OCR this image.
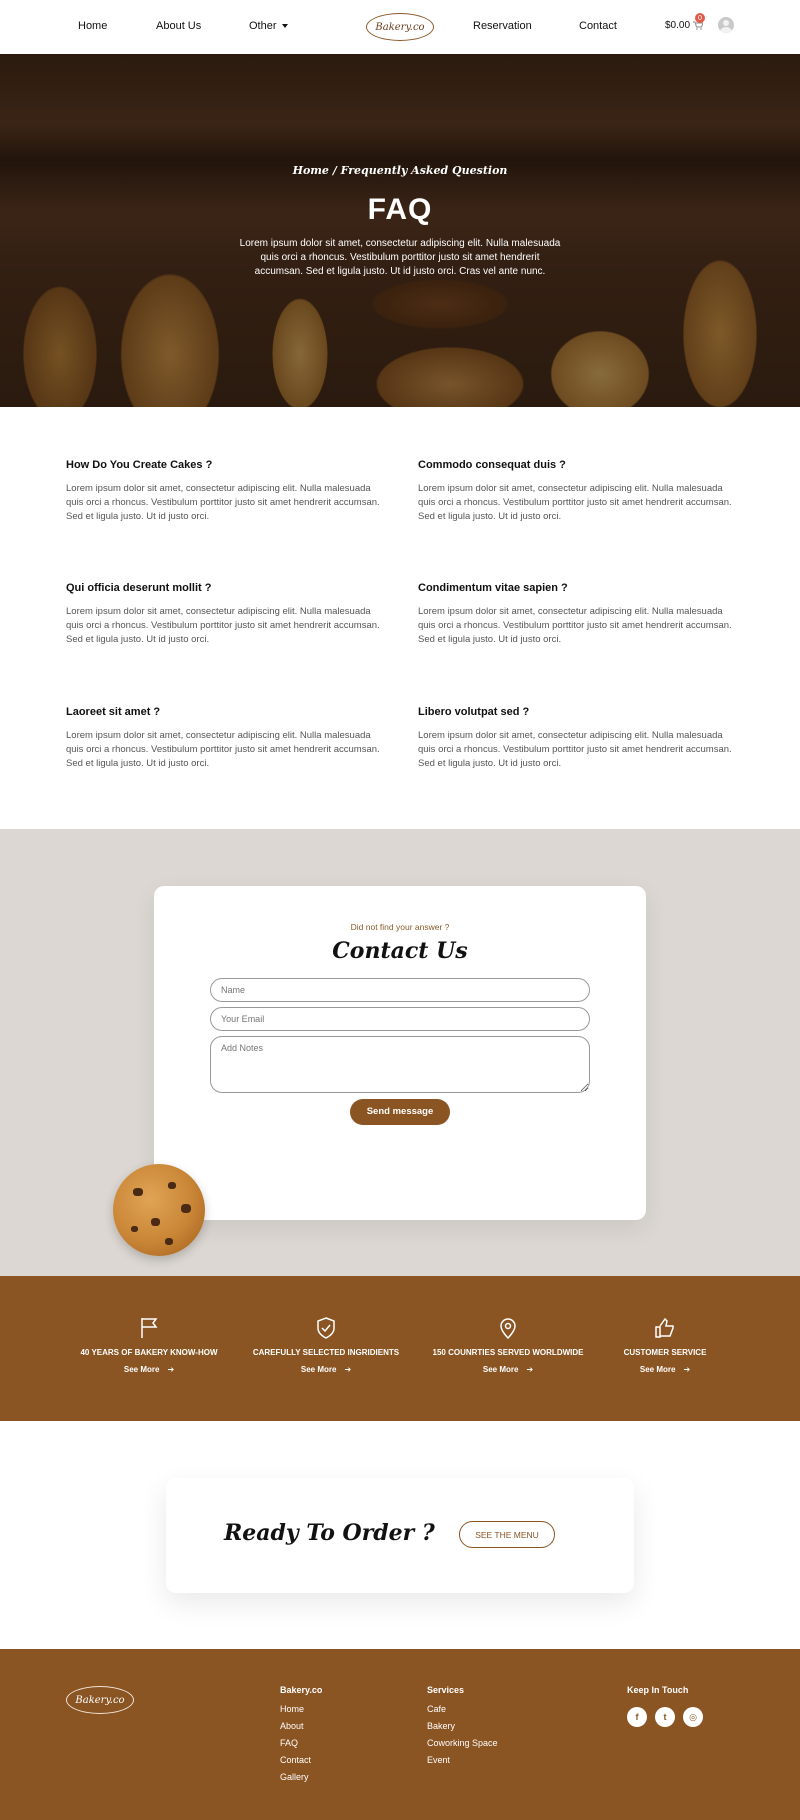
Home	About Us	Other	Bakery.co	Reservation	Contact	$0.00
0
Home / Frequently Asked Question
FAQ

Lorem ipsum dolor sit amet, consectetur adipiscing elit. Nulla malesuada quis orci a rhoncus. Vestibulum porttitor justo sit amet hendrerit accumsan. Sed et ligula justo. Ut id justo orci. Cras vel ante nunc.

How Do You Create Cakes ?

Lorem ipsum dolor sit amet, consectetur adipiscing elit. Nulla malesuada quis orci a rhoncus. Vestibulum porttitor justo sit amet hendrerit accumsan. Sed et ligula justo. Ut id justo orci.

Commodo consequat duis ?

Lorem ipsum dolor sit amet, consectetur adipiscing elit. Nulla malesuada quis orci a rhoncus. Vestibulum porttitor justo sit amet hendrerit accumsan. Sed et ligula justo. Ut id justo orci.

Qui officia deserunt mollit ?

Lorem ipsum dolor sit amet, consectetur adipiscing elit. Nulla malesuada quis orci a rhoncus. Vestibulum porttitor justo sit amet hendrerit accumsan. Sed et ligula justo. Ut id justo orci.

Condimentum vitae sapien ?

Lorem ipsum dolor sit amet, consectetur adipiscing elit. Nulla malesuada quis orci a rhoncus. Vestibulum porttitor justo sit amet hendrerit accumsan. Sed et ligula justo. Ut id justo orci.

Laoreet sit amet ?

Lorem ipsum dolor sit amet, consectetur adipiscing elit. Nulla malesuada quis orci a rhoncus. Vestibulum porttitor justo sit amet hendrerit accumsan. Sed et ligula justo. Ut id justo orci.

Libero volutpat sed ?

Lorem ipsum dolor sit amet, consectetur adipiscing elit. Nulla malesuada quis orci a rhoncus. Vestibulum porttitor justo sit amet hendrerit accumsan. Sed et ligula justo. Ut id justo orci.

Did not find your answer ?

Contact Us
Name
Your Email
Add Notes Send message
40 YEARS OF BAKERY KNOW-HOW
See More ➔
CAREFULLY SELECTED INGRIDIENTS
See More ➔
150 COUNRTIES SERVED WORLDWIDE
See More ➔
CUSTOMER SERVICE
See More ➔
Ready To Order ?	SEE THE MENU
Bakery.co
Bakery.co
Home
About
FAQ
Contact
Gallery
Services
Cafe
Bakery
Coworking Space
Event
Keep In Touch
f	t	◎
